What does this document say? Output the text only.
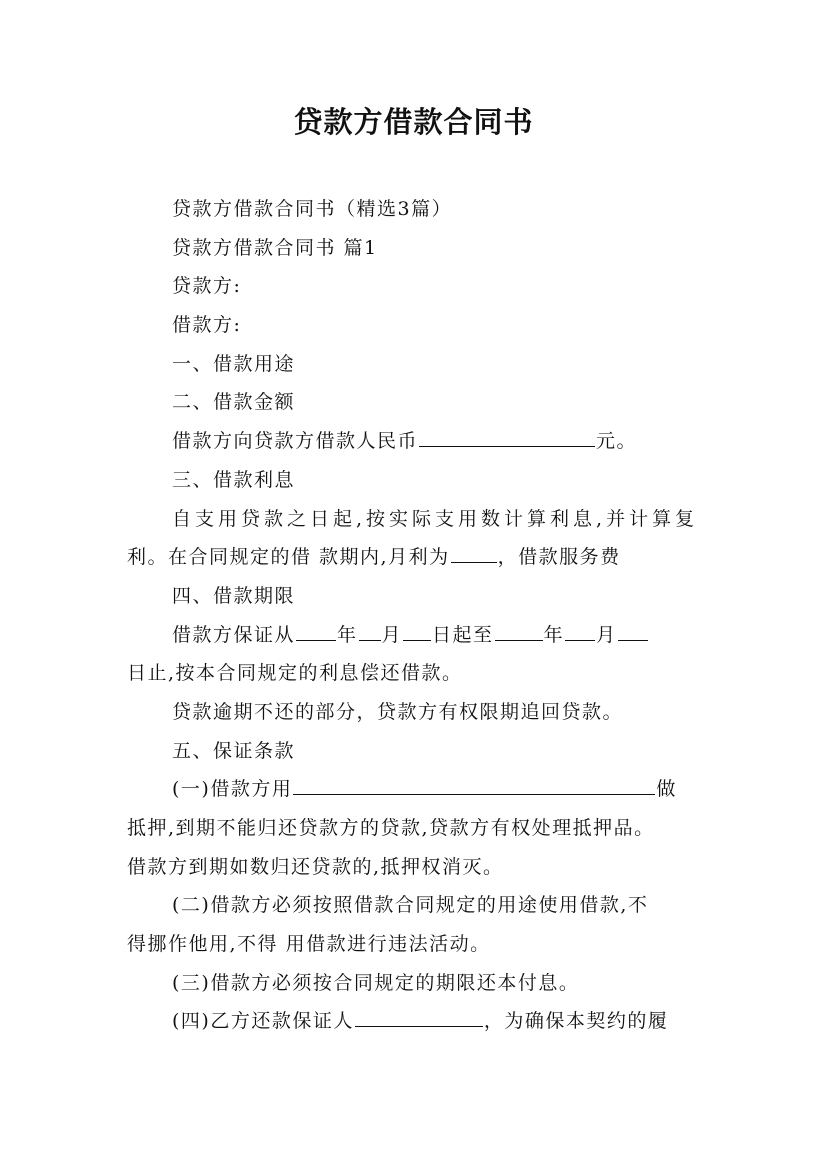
贷款方借款合同书
贷款方借款合同书（精选3篇）
贷款方借款合同书 篇1
贷款方:
借款方:
一、借款用途
二、借款金额
借款方向贷款方借款人民币	元。
三、借款利息
自支用贷款之日起,按实际支用数计算利息,并计算复
利。在合同规定的借 款期内,月利为	，借款服务费
四、借款期限
借款方保证从 年 月 日起至	年 月
日止,按本合同规定的利息偿还借款。
贷款逾期不还的部分，贷款方有权限期追回贷款。
五、保证条款
(一)借款方用	做
抵押,到期不能归还贷款方的贷款,贷款方有权处理抵押品。
借款方到期如数归还贷款的,抵押权消灭。
(二)借款方必须按照借款合同规定的用途使用借款,不
得挪作他用,不得 用借款进行违法活动。
(三)借款方必须按合同规定的期限还本付息。
(四)乙方还款保证人	，为确保本契约的履
